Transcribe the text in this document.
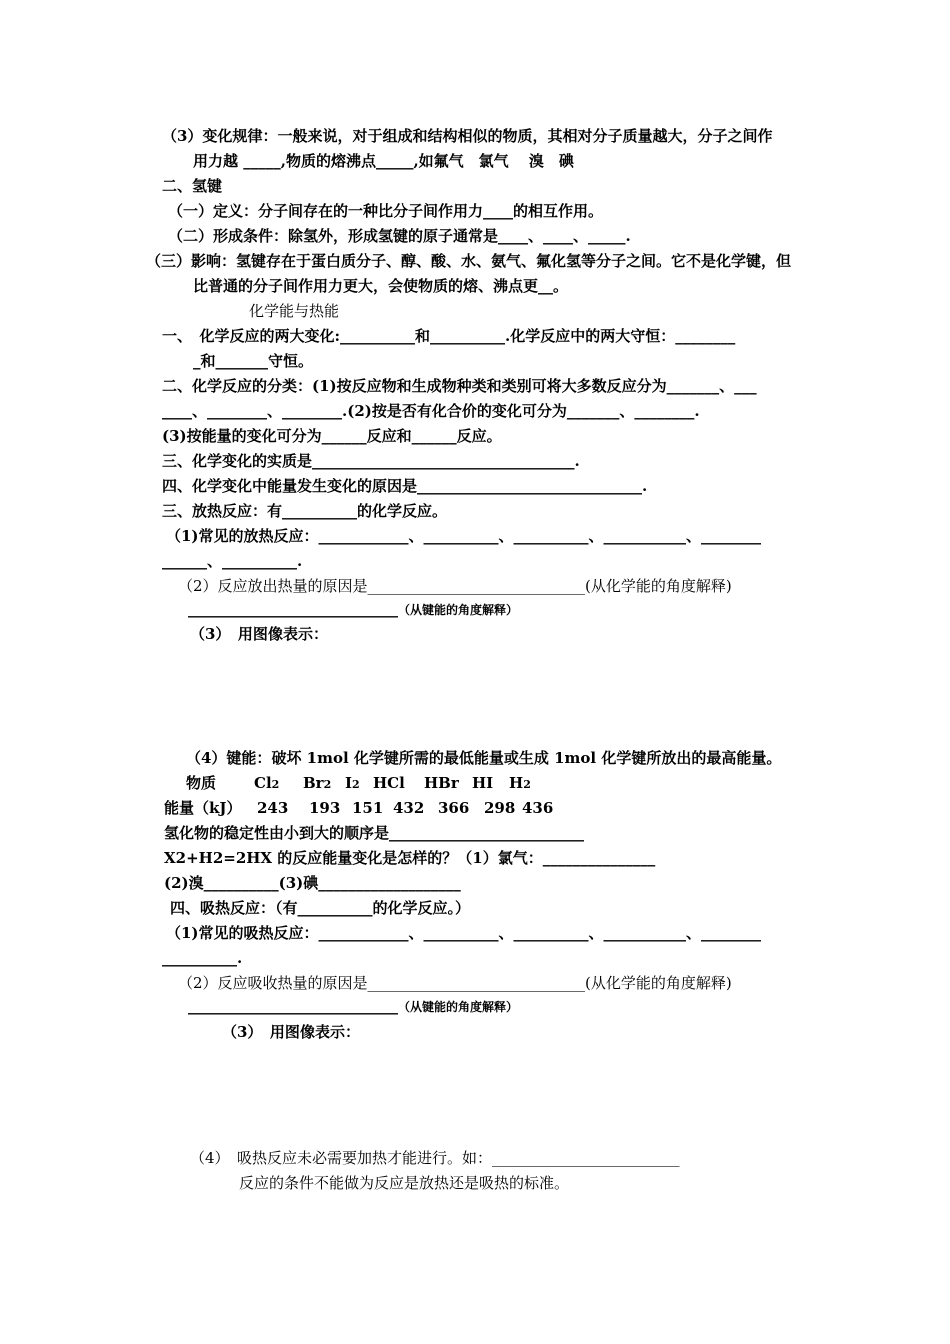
（3）变化规律：一般来说，对于组成和结构相似的物质，其相对分子质量越大，分子之间作
用力越 _____,物质的熔沸点_____,如氟气　氯气　 溴　碘
二、氢键
（一）定义：分子间存在的一种比分子间作用力____的相互作用。
（二）形成条件：除氢外，形成氢键的原子通常是____、____、_____.
（三）影响：氢键存在于蛋白质分子、醇、酸、水、氨气、氟化氢等分子之间。它不是化学键，但
比普通的分子间作用力更大，会使物质的熔、沸点更__。
化学能与热能
一、　化学反应的两大变化:__________和__________.化学反应中的两大守恒：________
_和_______守恒。
二、化学反应的分类：(1)按反应物和生成物种类和类别可将大多数反应分为_______、___
____、________、________.(2)按是否有化合价的变化可分为_______、________.
(3)按能量的变化可分为______反应和______反应。
三、化学变化的实质是___________________________________.
四、化学变化中能量发生变化的原因是______________________________.
三、放热反应：有__________的化学反应。
（1)常见的放热反应：____________、__________、__________、___________、________
______、__________.
（2）反应放出热量的原因是_____________________________(从化学能的角度解释)
____________________________（从键能的角度解释）
（3）　用图像表示：
（4）键能：破坏 1mol 化学键所需的最低能量或生成 1mol 化学键所放出的最高能量。
物质	Cl2 Br2 I2 HCl HBr HI H2
能量（kJ） 243 193 151 432 366 298 436
氢化物的稳定性由小到大的顺序是__________________________
X2+H2=2HX 的反应能量变化是怎样的？（1）氯气：_______________
(2)溴__________(3)碘___________________
四、吸热反应：（有__________的化学反应。）
（1)常见的吸热反应：____________、__________、__________、___________、________
__________.
（2）反应吸收热量的原因是_____________________________(从化学能的角度解释)
____________________________（从键能的角度解释）
（3）　用图像表示：
（4）　吸热反应未必需要加热才能进行。如：_________________________
反应的条件不能做为反应是放热还是吸热的标准。
